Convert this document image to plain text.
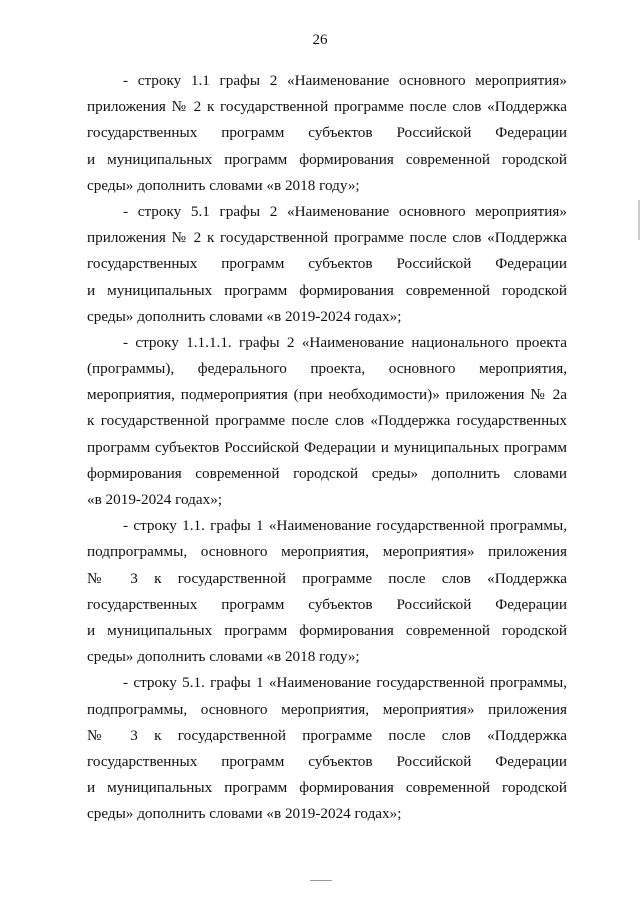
26

- строку 1.1 графы 2 «Наименование основного мероприятия»
приложения № 2 к государственной программе после слов «Поддержка
государственных программ субъектов Российской Федерации
и муниципальных программ формирования современной городской
среды» дополнить словами «в 2018 году»;

- строку 5.1 графы 2 «Наименование основного мероприятия»
приложения № 2 к государственной программе после слов «Поддержка
государственных программ субъектов Российской Федерации
и муниципальных программ формирования современной городской
среды» дополнить словами «в 2019-2024 годах»;

- строку 1.1.1.1. графы 2 «Наименование национального проекта
(программы), федерального проекта, основного мероприятия,
мероприятия, подмероприятия (при необходимости)» приложения № 2а
к государственной программе после слов «Поддержка государственных
программ субъектов Российской Федерации и муниципальных программ
формирования современной городской среды» дополнить словами
«в 2019-2024 годах»;

- строку 1.1. графы 1 «Наименование государственной программы,
подпрограммы, основного мероприятия, мероприятия» приложения
№ 3 к государственной программе после слов «Поддержка
государственных программ субъектов Российской Федерации
и муниципальных программ формирования современной городской
среды» дополнить словами «в 2018 году»;

- строку 5.1. графы 1 «Наименование государственной программы,
подпрограммы, основного мероприятия, мероприятия» приложения
№ 3 к государственной программе после слов «Поддержка
государственных программ субъектов Российской Федерации
и муниципальных программ формирования современной городской
среды» дополнить словами «в 2019-2024 годах»;
